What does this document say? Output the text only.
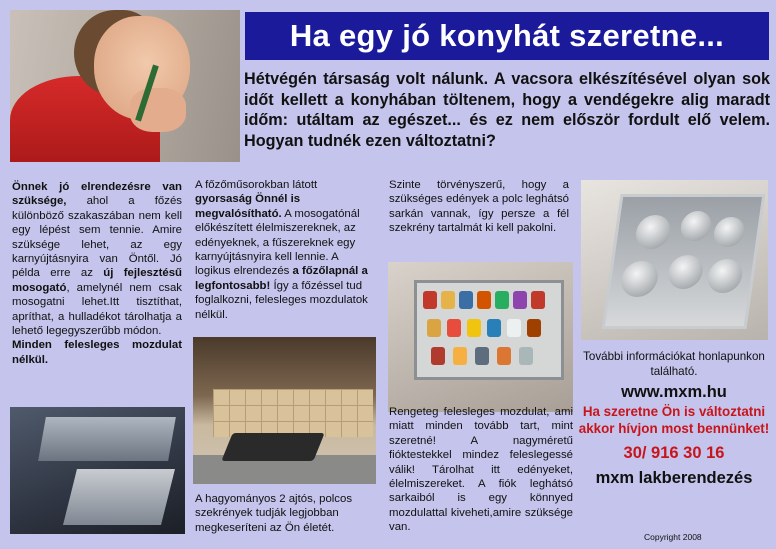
Ha egy jó konyhát szeretne...
Hétvégén társaság volt nálunk. A vacsora elkészítésével olyan sok időt kellett a konyhában töltenem, hogy a vendégekre alig maradt időm: utáltam az egészet... és ez nem először fordult elő velem. Hogyan tudnék ezen változtatni?
Önnek jó elrendezésre van szüksége, ahol a főzés különböző szakaszában nem kell egy lépést sem tennie. Amire szüksége lehet, az egy karnyújtásnyira van Öntől. Jó példa erre az új fejlesztésű mosogató, amelynél nem csak mosogatni lehet.Itt tisztíthat, apríthat, a hulladékot tárolhatja a lehető legegyszerűbb módon.
Minden felesleges mozdulat nélkül.
A főzőműsorokban látott gyorsaság Önnél is megvalósítható. A mosogatónál előkészített élelmiszereknek, az edényeknek, a fűszereknek egy karnyújtásnyira kell lennie. A logikus elrendezés a főzőlapnál a legfontosabb! Így a főzéssel tud foglalkozni, felesleges mozdulatok nélkül.
A hagyományos 2 ajtós, polcos szekrények tudják legjobban megkeseríteni az Ön életét.
Szinte törvényszerű, hogy a szükséges edények a polc leghátsó sarkán vannak, így persze a fél szekrény tartalmát ki kell pakolni.
Rengeteg felesleges mozdulat, ami miatt minden tovább tart, mint szeretné! A nagyméretű fióktestekkel mindez feleslegessé válik! Tárolhat itt edényeket, élelmiszereket. A fiók leghátsó sarkaiból is egy könnyed mozdulattal kiveheti,amire szüksége van.
További információkat honlapunkon található.
www.mxm.hu
Ha szeretne Ön is változtatni akkor hívjon most bennünket!
30/ 916 30 16
mxm lakberendezés
Copyright 2008
